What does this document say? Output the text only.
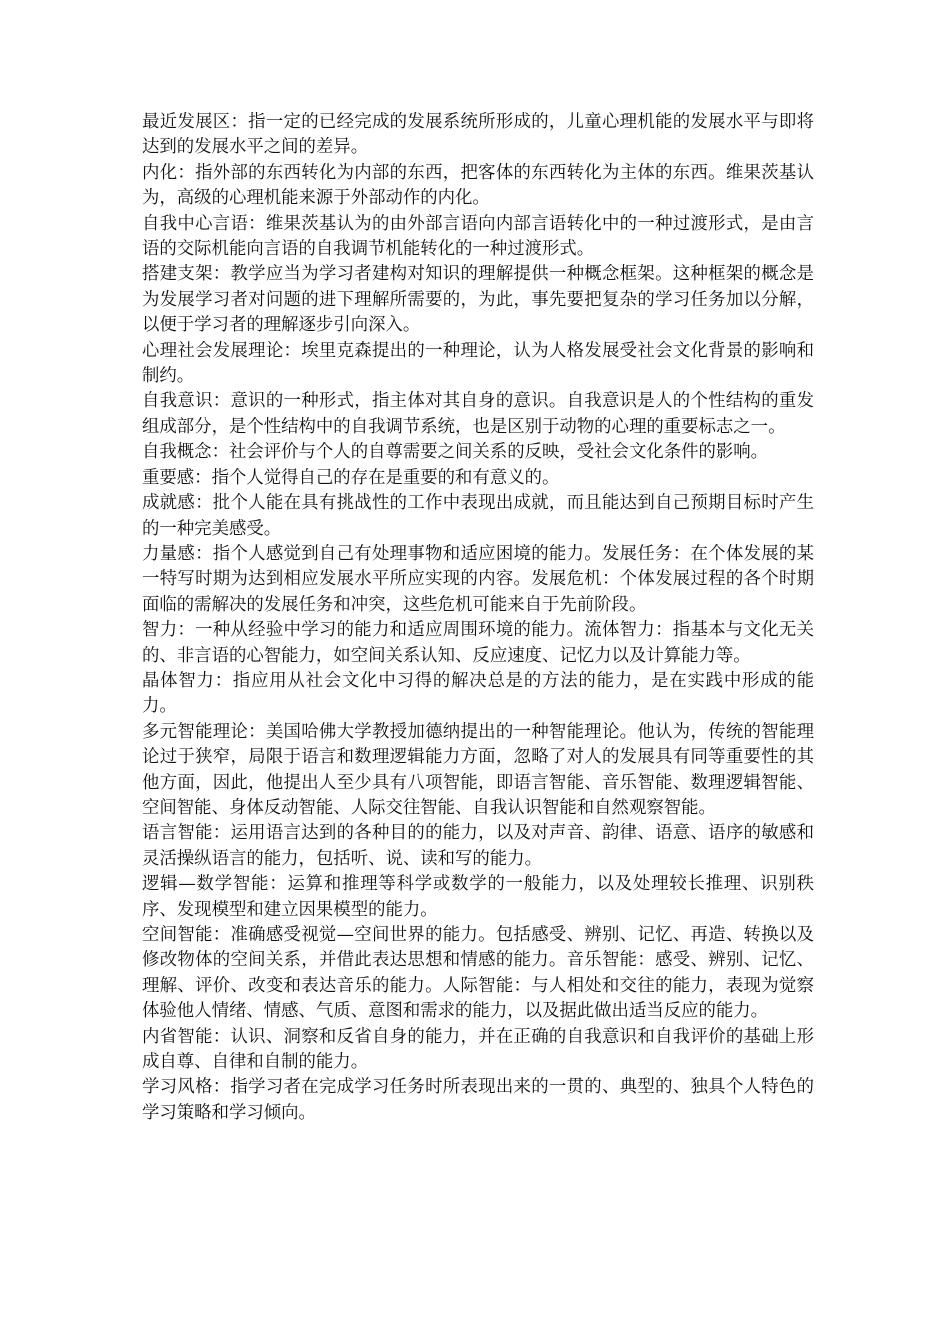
最近发展区：指一定的已经完成的发展系统所形成的，儿童心理机能的发展水平与即将达到的发展水平之间的差异。

内化：指外部的东西转化为内部的东西，把客体的东西转化为主体的东西。维果茨基认为，高级的心理机能来源于外部动作的内化。

自我中心言语：维果茨基认为的由外部言语向内部言语转化中的一种过渡形式，是由言语的交际机能向言语的自我调节机能转化的一种过渡形式。

搭建支架：教学应当为学习者建构对知识的理解提供一种概念框架。这种框架的概念是为发展学习者对问题的进下理解所需要的，为此，事先要把复杂的学习任务加以分解，以便于学习者的理解逐步引向深入。

心理社会发展理论：埃里克森提出的一种理论，认为人格发展受社会文化背景的影响和制约。

自我意识：意识的一种形式，指主体对其自身的意识。自我意识是人的个性结构的重发组成部分，是个性结构中的自我调节系统，也是区别于动物的心理的重要标志之一。

自我概念：社会评价与个人的自尊需要之间关系的反映，受社会文化条件的影响。

重要感：指个人觉得自己的存在是重要的和有意义的。

成就感：批个人能在具有挑战性的工作中表现出成就，而且能达到自己预期目标时产生的一种完美感受。

力量感：指个人感觉到自己有处理事物和适应困境的能力。发展任务：在个体发展的某一特写时期为达到相应发展水平所应实现的内容。发展危机：个体发展过程的各个时期面临的需解决的发展任务和冲突，这些危机可能来自于先前阶段。

智力：一种从经验中学习的能力和适应周围环境的能力。流体智力：指基本与文化无关的、非言语的心智能力，如空间关系认知、反应速度、记忆力以及计算能力等。

晶体智力：指应用从社会文化中习得的解决总是的方法的能力，是在实践中形成的能力。

多元智能理论：美国哈佛大学教授加德纳提出的一种智能理论。他认为，传统的智能理论过于狭窄，局限于语言和数理逻辑能力方面，忽略了对人的发展具有同等重要性的其他方面，因此，他提出人至少具有八项智能，即语言智能、音乐智能、数理逻辑智能、空间智能、身体反动智能、人际交往智能、自我认识智能和自然观察智能。

语言智能：运用语言达到的各种目的的能力，以及对声音、韵律、语意、语序的敏感和灵活操纵语言的能力，包括听、说、读和写的能力。

逻辑—数学智能：运算和推理等科学或数学的一般能力，以及处理较长推理、识别秩序、发现模型和建立因果模型的能力。

空间智能：准确感受视觉—空间世界的能力。包括感受、辨别、记忆、再造、转换以及修改物体的空间关系，并借此表达思想和情感的能力。音乐智能：感受、辨别、记忆、理解、评价、改变和表达音乐的能力。人际智能：与人相处和交往的能力，表现为觉察体验他人情绪、情感、气质、意图和需求的能力，以及据此做出适当反应的能力。

内省智能：认识、洞察和反省自身的能力，并在正确的自我意识和自我评价的基础上形成自尊、自律和自制的能力。

学习风格：指学习者在完成学习任务时所表现出来的一贯的、典型的、独具个人特色的学习策略和学习倾向。
